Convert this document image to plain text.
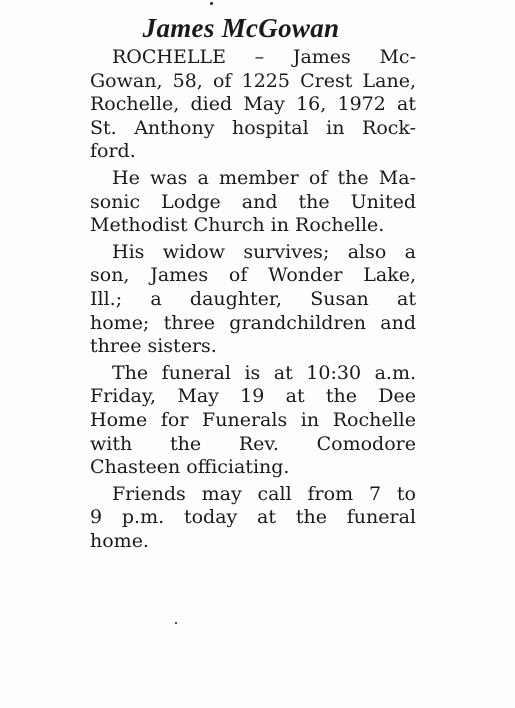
James McGowan
ROCHELLE – James Mc-
Gowan, 58, of 1225 Crest Lane,
Rochelle, died May 16, 1972 at
St. Anthony hospital in Rock-
ford.
He was a member of the Ma-
sonic Lodge and the United
Methodist Church in Rochelle.
His widow survives; also a
son, James of Wonder Lake,
Ill.; a daughter, Susan at
home; three grandchildren and
three sisters.
The funeral is at 10:30 a.m.
Friday, May 19 at the Dee
Home for Funerals in Rochelle
with the Rev. Comodore
Chasteen officiating.
Friends may call from 7 to
9 p.m. today at the funeral
home.
